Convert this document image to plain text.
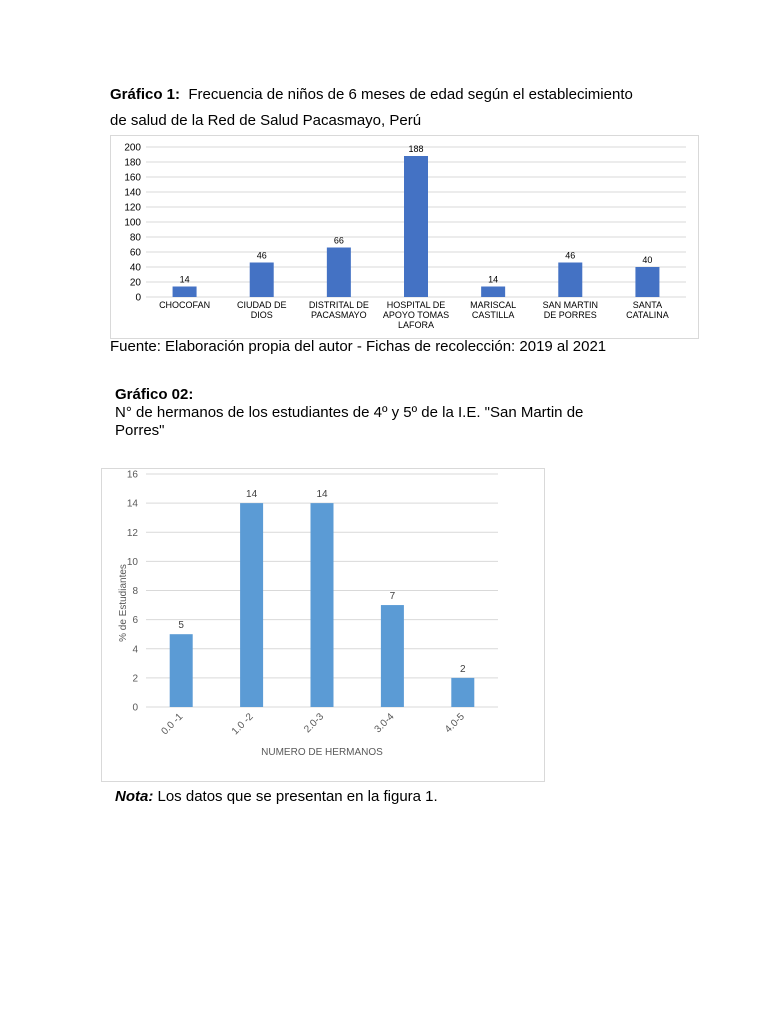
Gráfico 1: Frecuencia de niños de 6 meses de edad según el establecimiento
de salud de la Red de Salud Pacasmayo, Perú
0
20
40
60
80
100
120
140
160
180
200
14
CHOCOFAN
46
CIUDAD DE
DIOS
66
DISTRITAL DE
PACASMAYO
188
HOSPITAL DE
APOYO TOMAS
LAFORA
14
MARISCAL
CASTILLA
46
SAN MARTIN
DE PORRES
40
SANTA
CATALINA
Fuente: Elaboración propia del autor - Fichas de recolección: 2019 al 2021
Gráfico 02:
N° de hermanos de los estudiantes de 4º y 5º de la I.E. "San Martin de
Porres"
0
2
4
6
8
10
12
14
16
5
0.0 -1
14
1.0 -2
14
2.0-3
7
3.0-4
2
4.0-5
NUMERO DE HERMANOS
% de Estudiantes
Nota: Los datos que se presentan en la figura 1.
